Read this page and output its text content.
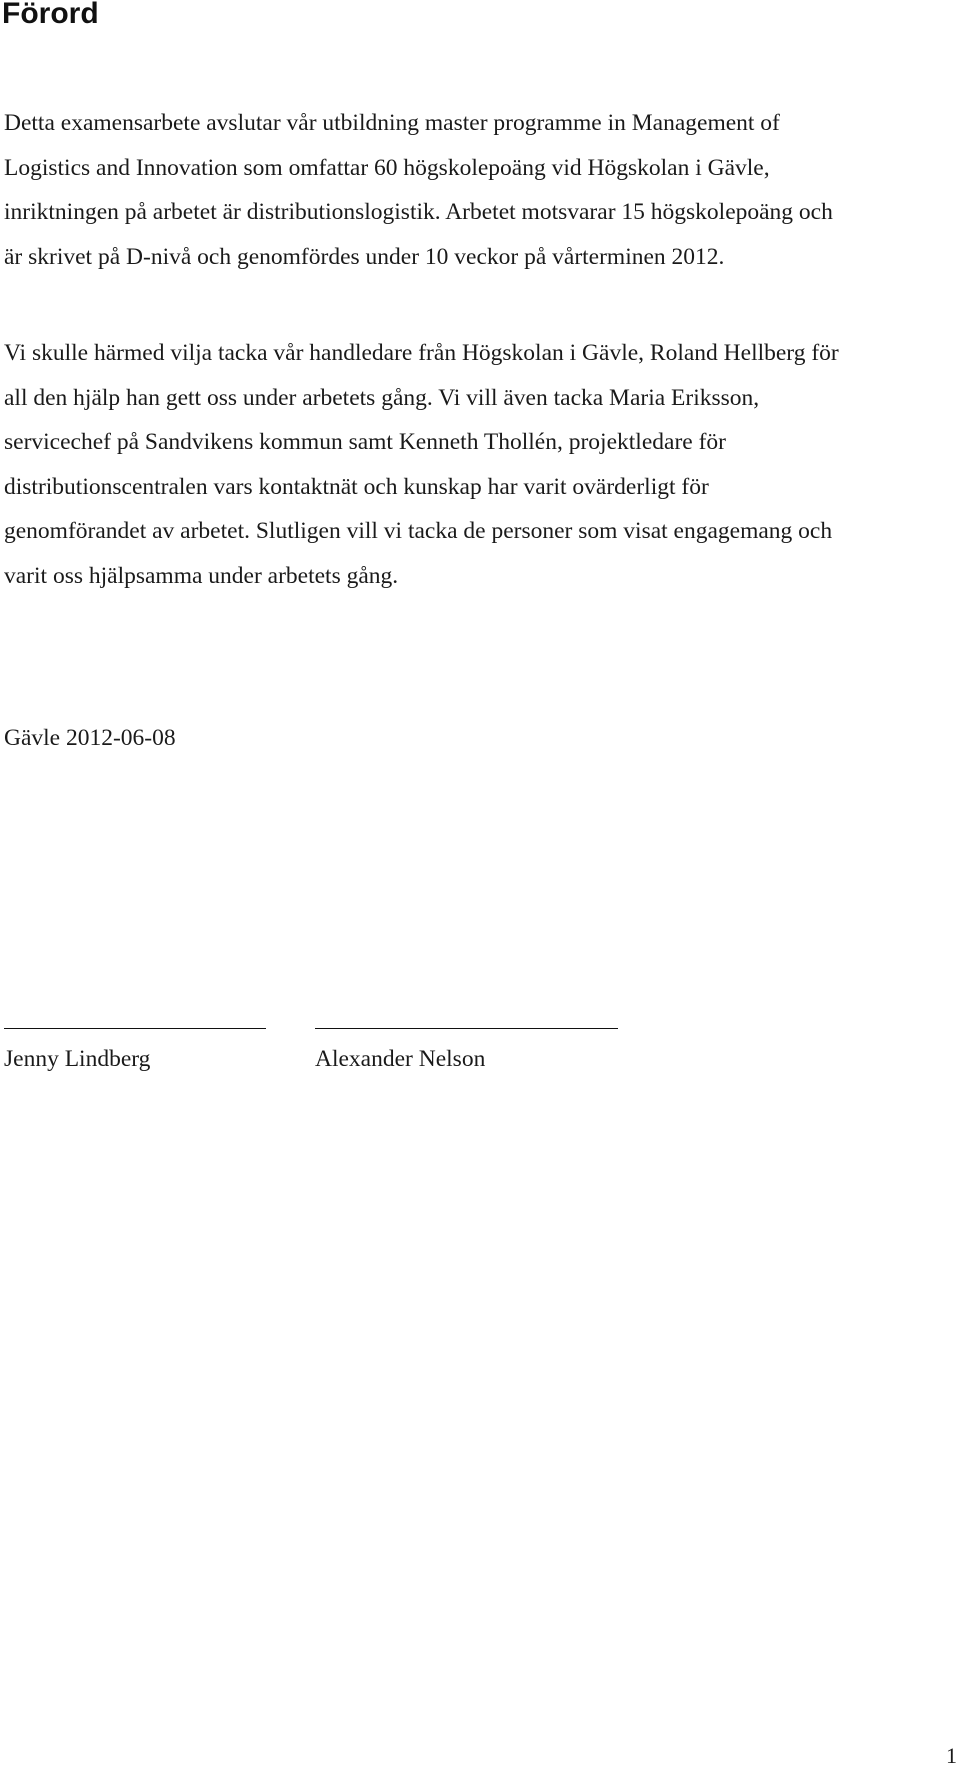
Förord

Detta examensarbete avslutar vår utbildning master programme in Management of
Logistics and Innovation som omfattar 60 högskolepoäng vid Högskolan i Gävle,
inriktningen på arbetet är distributionslogistik. Arbetet motsvarar 15 högskolepoäng och
är skrivet på D-nivå och genomfördes under 10 veckor på vårterminen 2012.

Vi skulle härmed vilja tacka vår handledare från Högskolan i Gävle, Roland Hellberg för
all den hjälp han gett oss under arbetets gång. Vi vill även tacka Maria Eriksson,
servicechef på Sandvikens kommun samt Kenneth Thollén, projektledare för
distributionscentralen vars kontaktnät och kunskap har varit ovärderligt för
genomförandet av arbetet. Slutligen vill vi tacka de personer som visat engagemang och
varit oss hjälpsamma under arbetets gång.

Gävle 2012-06-08
Jenny Lindberg	Alexander Nelson
1
